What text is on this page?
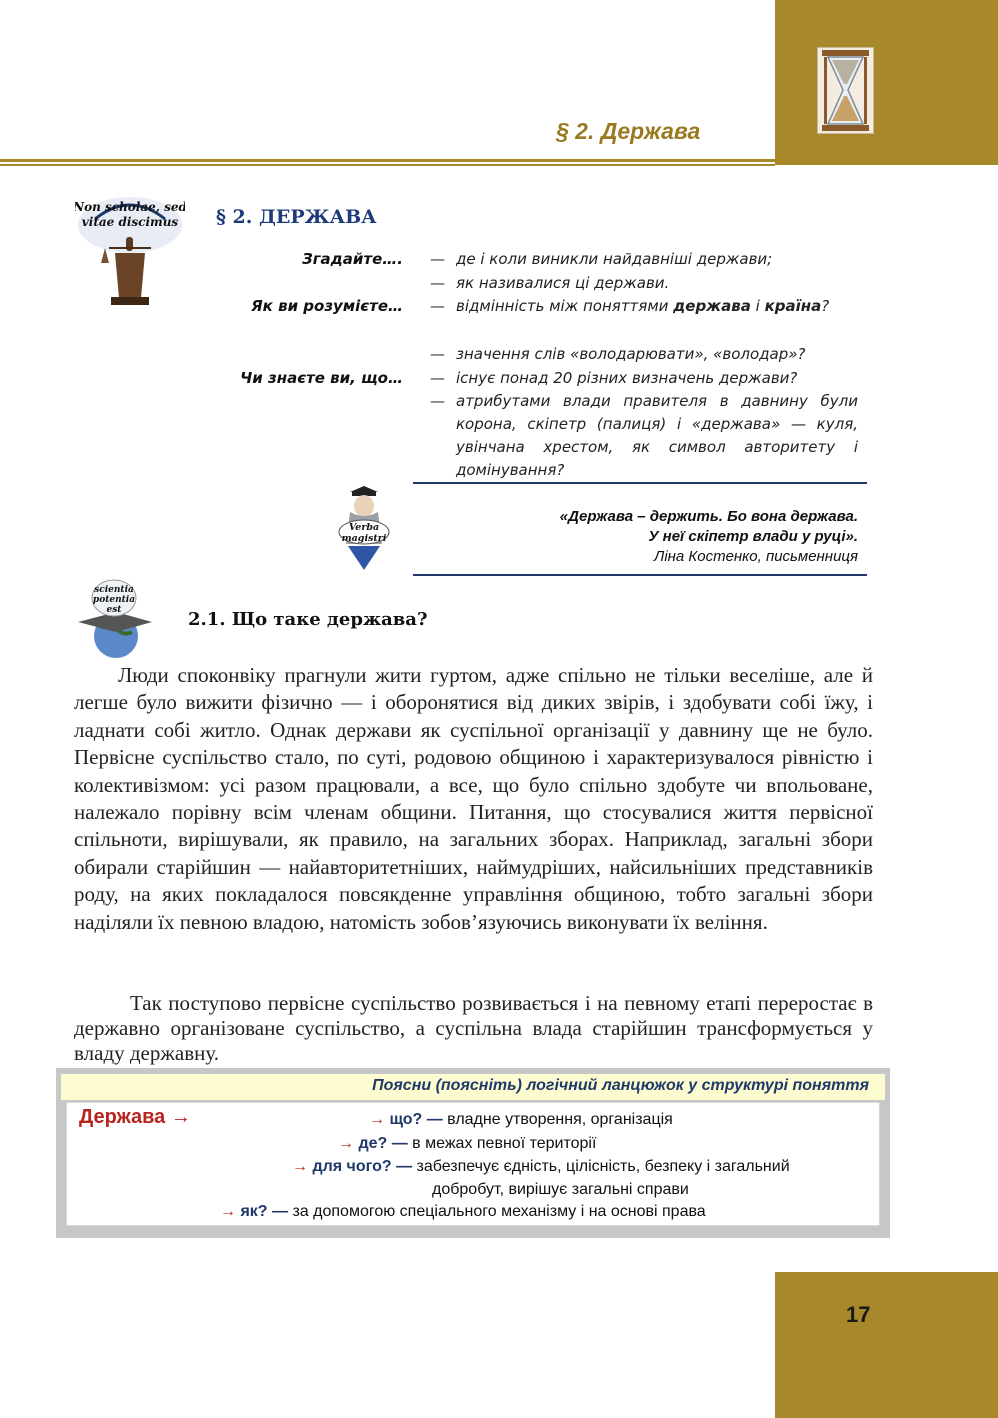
§ 2. Держава
Non scholae, sed
vitae discimus § 2. ДЕРЖАВА
Згадайте…. — де і коли виникли найдавніші держави;
— як називалися ці держави.
Як ви розумієте… — відмінність між поняттями держава і країна?
— значення слів «володарювати», «володар»?
Чи знаєте ви, що… — існує понад 20 різних визначень держави?
— атрибутами влади правителя в давнину були корона, скіпетр (палиця) і «держава» — куля, увінчана хрестом, як символ авторитету і домінування?
Verba
magistri
«Держава – держить. Бо вона держава.
У неї скіпетр влади у руці».
Ліна Костенко, письменниця
scientia
potentia
est	2.1. Що таке держава?
Люди споконвіку прагнули жити гуртом, адже спільно не тільки веселіше, але й легше було вижити фізично — і оборонятися від диких звірів, і здобувати собі їжу, і ладнати собі житло. Однак держави як суспільної організації у давнину ще не було. Первісне суспільство стало, по суті, родовою общиною і характеризувалося рівністю і колективізмом: усі разом працювали, а все, що було спільно здобуте чи впольоване, належало порівну всім членам общини. Питання, що стосувалися життя первісної спільноти, вирішували, як правило, на загальних зборах. Наприклад, загальні збори обирали старійшин — найавторитетніших, наймудріших, найсильніших представників роду, на яких покладалося повсякденне управління общиною, тобто загальні збори наділяли їх певною владою, натомість зобов’язуючись виконувати їх веління.
Так поступово первісне суспільство розвивається і на певному етапі переростає в державно організоване суспільство, а суспільна влада старійшин трансформується у владу державну.
Поясни (поясніть) логічний ланцюжок у структурі поняття
Держава →	→ що? — владне утворення, організація
→ де? — в межах певної території
→ для чого? — забезпечує єдність, цілісність, безпеку і загальний
добробут, вирішує загальні справи
→ як? — за допомогою спеціального механізму і на основі права
17
